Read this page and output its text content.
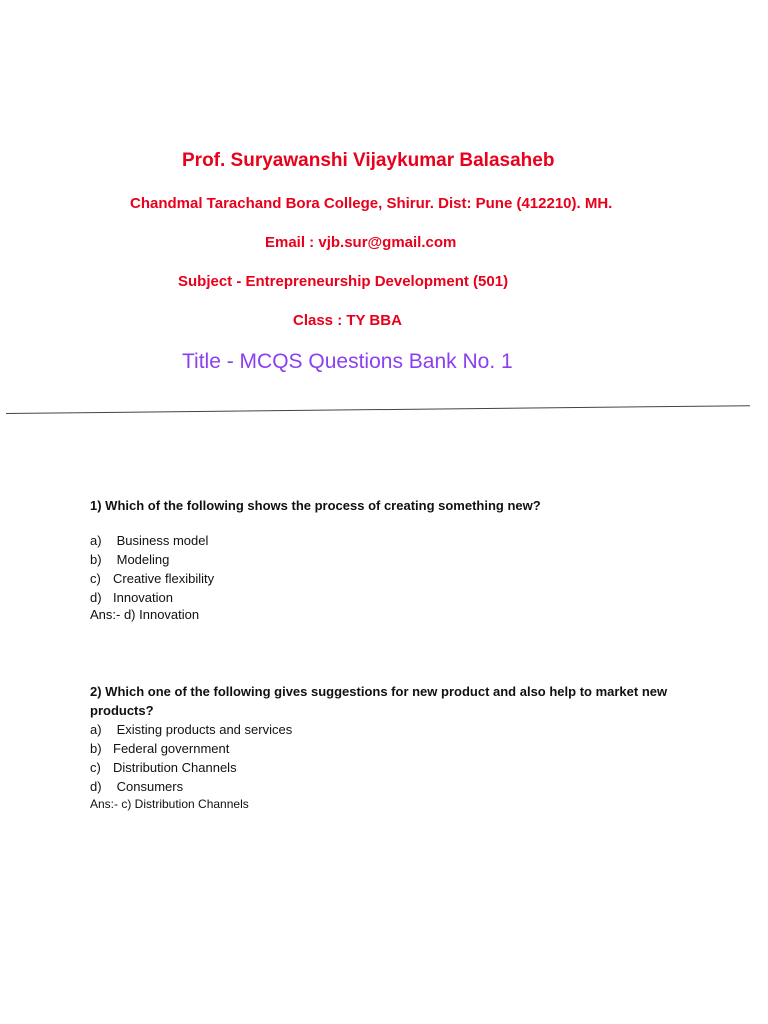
Prof. Suryawanshi Vijaykumar Balasaheb
Chandmal Tarachand Bora College, Shirur. Dist: Pune (412210). MH.
Email : vjb.sur@gmail.com
Subject - Entrepreneurship Development (501)
Class : TY BBA
Title - MCQS Questions Bank No. 1
1) Which of the following shows the process of creating something new?
a) Business model
b) Modeling
c) Creative flexibility
d) Innovation
Ans:- d) Innovation
2) Which one of the following gives suggestions for new product and also help to market new products?
a) Existing products and services
b) Federal government
c) Distribution Channels
d) Consumers
Ans:- c) Distribution Channels
